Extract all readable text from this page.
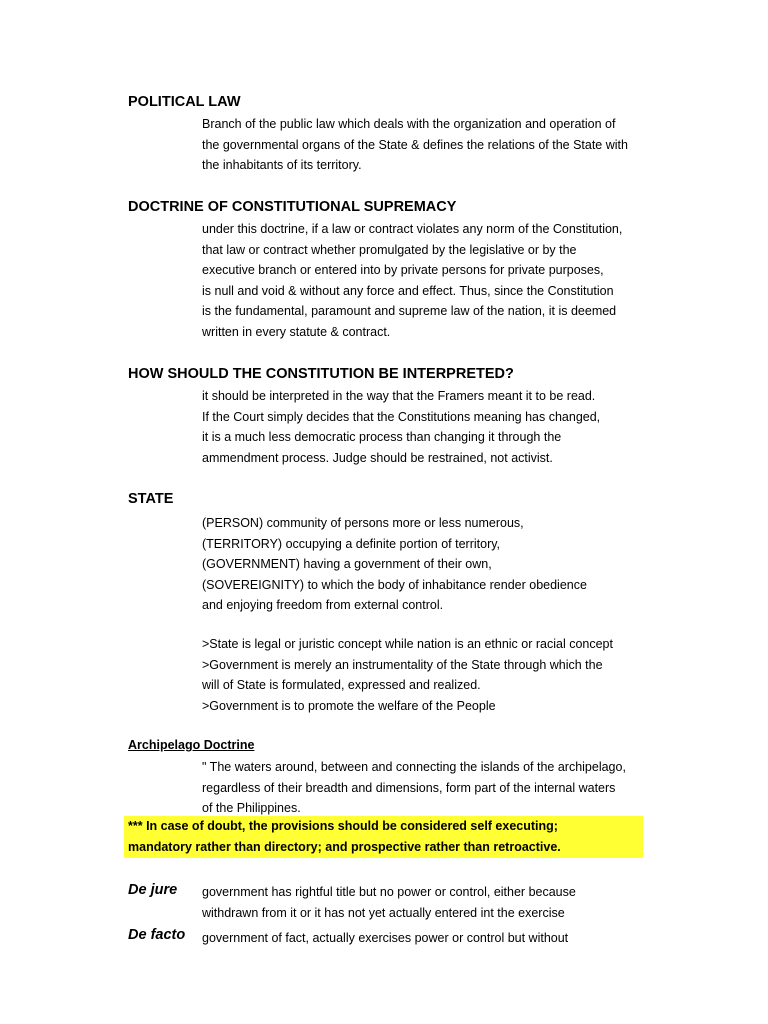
POLITICAL LAW
Branch of the public law which deals with the organization and operation of
the governmental organs of the State & defines the relations of the State with
the inhabitants of its territory.
DOCTRINE OF CONSTITUTIONAL SUPREMACY
under this doctrine, if a law or contract violates any norm of the Constitution,
that law or contract whether promulgated by the legislative or by the
executive branch or entered into by private persons for private purposes,
is null and void & without any force and effect. Thus, since the Constitution
is the fundamental, paramount and supreme law of the nation, it is deemed
written in every statute & contract.
HOW SHOULD THE CONSTITUTION BE INTERPRETED?
it should be interpreted in the way that the Framers meant it to be read.
If the Court simply decides that the Constitutions meaning has changed,
it is a much less democratic process than changing it through the
ammendment process. Judge should be restrained, not activist.
STATE
(PERSON) community of persons more or less numerous,
(TERRITORY) occupying a definite portion of territory,
(GOVERNMENT) having a government of their own,
(SOVEREIGNITY) to which the body of inhabitance render obedience
and enjoying freedom from external control.
>State is legal or juristic concept while nation is an ethnic or racial concept
>Government is merely an instrumentality of the State through which the
will of State is formulated, expressed and realized.
>Government is to promote the welfare of the People
Archipelago Doctrine
" The waters around, between and connecting the islands of the archipelago,
regardless of their breadth and dimensions, form part of the internal waters
of the Philippines.
*** In case of doubt, the provisions should be considered self executing;
mandatory rather than directory; and prospective rather than retroactive.
De jure government has rightful title but no power or control, either because
withdrawn from it or it has not yet actually entered int the exercise
De facto government of fact, actually exercises power or control but without
